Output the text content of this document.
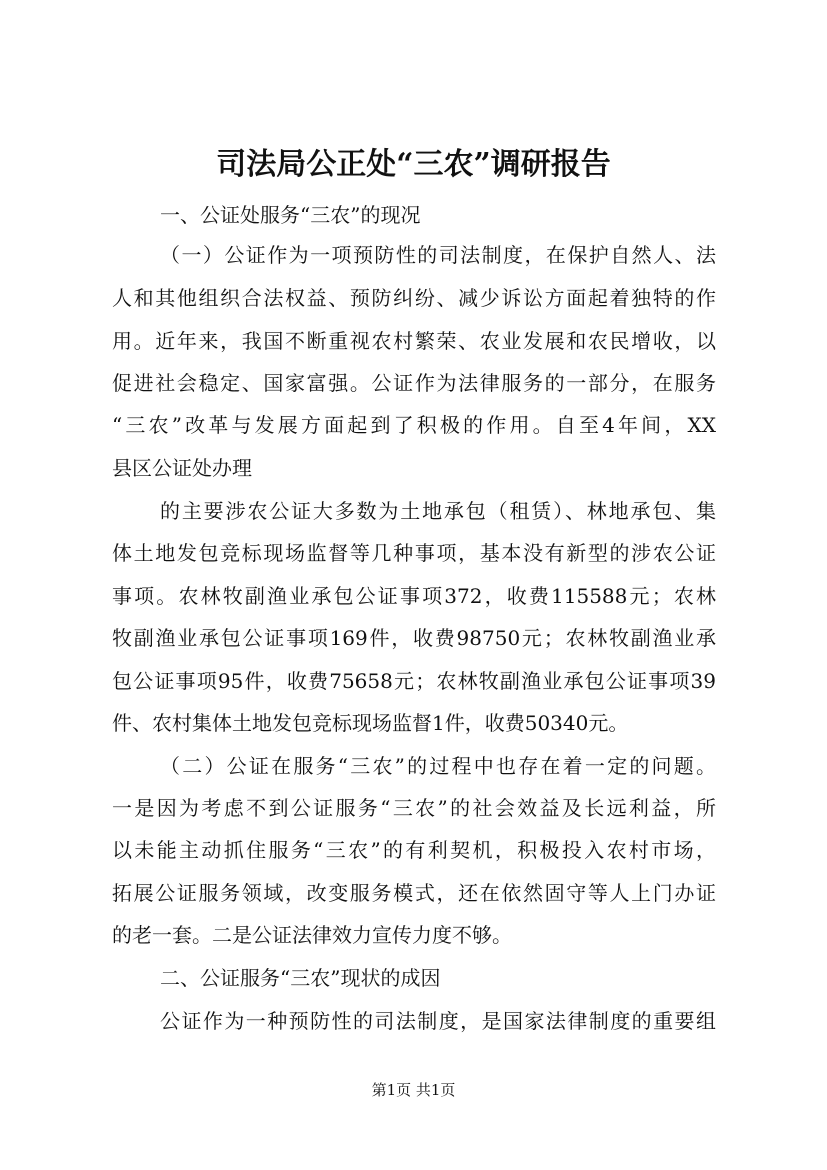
司法局公正处“三农”调研报告
一、公证处服务“三农”的现况
（一）公证作为一项预防性的司法制度，在保护自然人、法
人和其他组织合法权益、预防纠纷、减少诉讼方面起着独特的作
用。近年来，我国不断重视农村繁荣、农业发展和农民增收，以
促进社会稳定、国家富强。公证作为法律服务的一部分，在服务
“三农”改革与发展方面起到了积极的作用。自至4年间，XX
县区公证处办理
的主要涉农公证大多数为土地承包（租赁）、林地承包、集
体土地发包竞标现场监督等几种事项，基本没有新型的涉农公证
事项。农林牧副渔业承包公证事项372，收费115588元；农林
牧副渔业承包公证事项169件，收费98750元；农林牧副渔业承
包公证事项95件，收费75658元；农林牧副渔业承包公证事项39
件、农村集体土地发包竞标现场监督1件，收费50340元。
（二）公证在服务“三农”的过程中也存在着一定的问题。
一是因为考虑不到公证服务“三农”的社会效益及长远利益，所
以未能主动抓住服务“三农”的有利契机，积极投入农村市场，
拓展公证服务领域，改变服务模式，还在依然固守等人上门办证
的老一套。二是公证法律效力宣传力度不够。
二、公证服务“三农”现状的成因
公证作为一种预防性的司法制度，是国家法律制度的重要组
第1页 共1页
